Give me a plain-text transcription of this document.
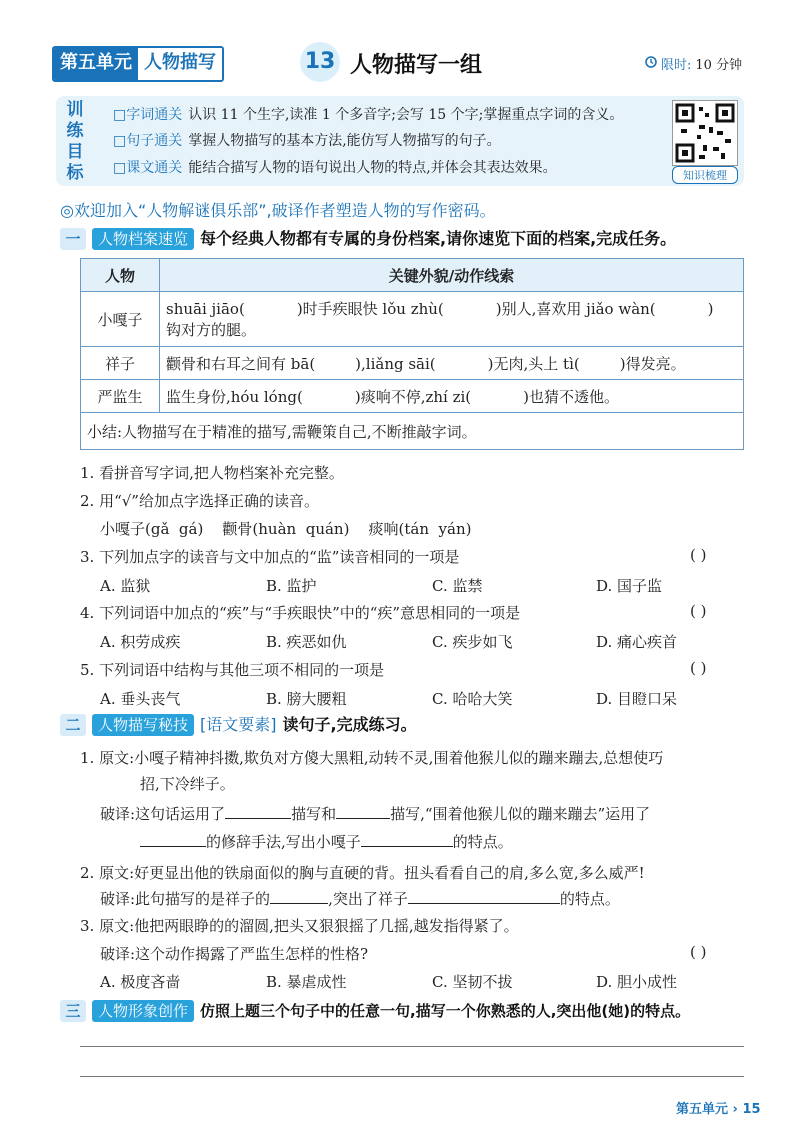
第五单元 人物描写	13 人物描写一组	限时: 10 分钟
训
练
目
标
□字词通关 认识 11 个生字,读准 1 个多音字;会写 15 个字;掌握重点字词的含义。
□句子通关 掌握人物描写的基本方法,能仿写人物描写的句子。
□课文通关 能结合描写人物的语句说出人物的特点,并体会其表达效果。	知识梳理
◎欢迎加入“人物解谜俱乐部”,破译作者塑造人物的写作密码。
一	人物档案速览 每个经典人物都有专属的身份档案,请你速览下面的档案,完成任务。
人物	关键外貌/动作线索
小嘎子	shuāi jiāo( )时手疾眼快 lǒu zhù( )别人,喜欢用 jiǎo wàn( )
钩对方的腿。
祥子	颧骨和右耳之间有 bā( ),liǎng sāi( )无肉,头上 tì( )得发亮。
严监生	监生身份,hóu lóng( )痰响不停,zhí zi( )也猜不透他。
小结:人物描写在于精准的描写,需鞭策自己,不断推敲字词。	
1. 看拼音写字词,把人物档案补充完整。
2. 用“√”给加点字选择正确的读音。
小嘎子(gǎ  gá)    颧骨(huàn  quán)    痰响(tán  yán)
3. 下列加点字的读音与文中加点的“监”读音相同的一项是	( )
A. 监狱	B. 监护	C. 监禁	D. 国子监
4. 下列词语中加点的“疾”与“手疾眼快”中的“疾”意思相同的一项是	( )
A. 积劳成疾	B. 疾恶如仇	C. 疾步如飞	D. 痛心疾首
5. 下列词语中结构与其他三项不相同的一项是	( )
A. 垂头丧气	B. 膀大腰粗	C. 哈哈大笑	D. 目瞪口呆
二	人物描写秘技 [语文要素] 读句子,完成练习。
1. 原文:小嘎子精神抖擞,欺负对方傻大黑粗,动转不灵,围着他猴儿似的蹦来蹦去,总想使巧
招,下冷绊子。
破译:这句话运用了	描写和	描写,“围着他猴儿似的蹦来蹦去”运用了
的修辞手法,写出小嘎子	的特点。
2. 原文:好更显出他的铁扇面似的胸与直硬的背。扭头看看自己的肩,多么宽,多么威严!
破译:此句描写的是祥子的	,突出了祥子	的特点。
3. 原文:他把两眼睁的的溜圆,把头又狠狠摇了几摇,越发指得紧了。
破译:这个动作揭露了严监生怎样的性格?	( )
A. 极度吝啬	B. 暴虐成性	C. 坚韧不拔	D. 胆小成性
三	人物形象创作 仿照上题三个句子中的任意一句,描写一个你熟悉的人,突出他(她)的特点。
第五单元 › 15
